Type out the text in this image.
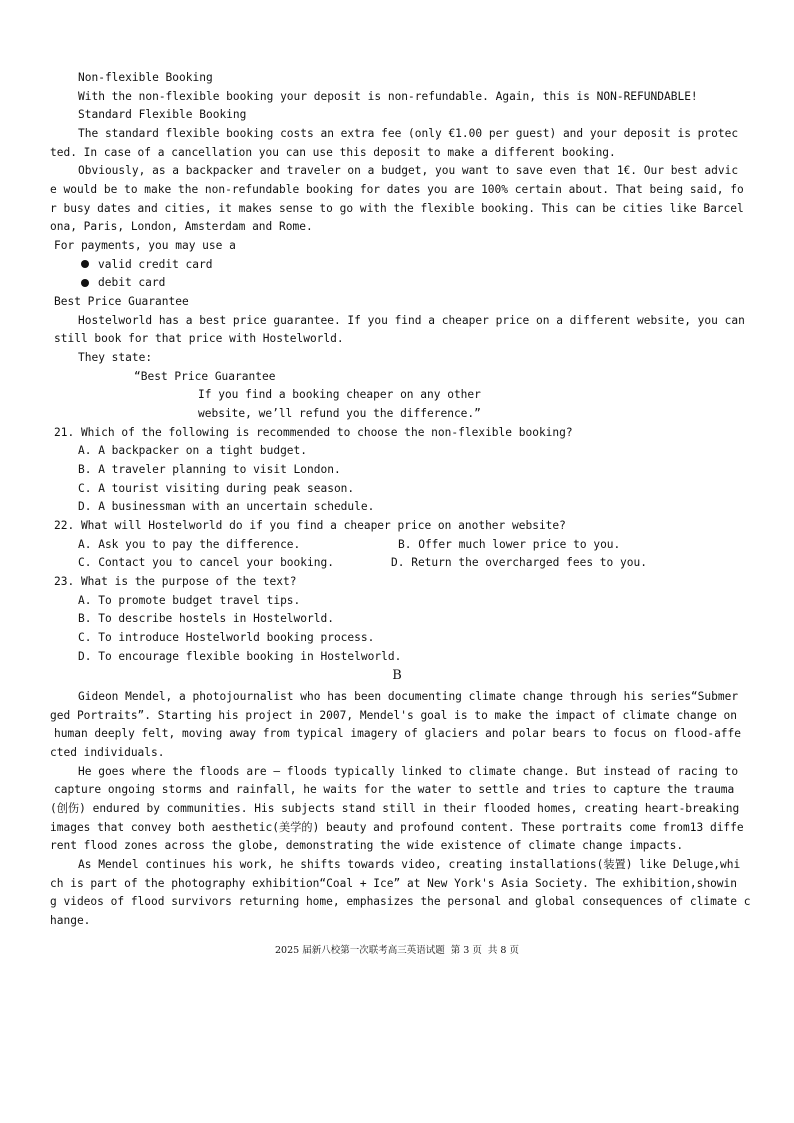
Non-flexible Booking
With the non-flexible booking your deposit is non-refundable. Again, this is NON-REFUNDABLE!
Standard Flexible Booking
The standard flexible booking costs an extra fee (only €1.00 per guest) and your deposit is protec
ted. In case of a cancellation you can use this deposit to make a different booking.
Obviously, as a backpacker and traveler on a budget, you want to save even that 1€. Our best advic
e would be to make the non-refundable booking for dates you are 100% certain about. That being said, fo
r busy dates and cities, it makes sense to go with the flexible booking. This can be cities like Barcel
ona, Paris, London, Amsterdam and Rome.
For payments, you may use a
valid credit card
debit card
Best Price Guarantee
Hostelworld has a best price guarantee. If you find a cheaper price on a different website, you can
still book for that price with Hostelworld.
They state:
“Best Price Guarantee
If you find a booking cheaper on any other
website, we’ll refund you the difference.”
21. Which of the following is recommended to choose the non-flexible booking?
A. A backpacker on a tight budget.
B. A traveler planning to visit London.
C. A tourist visiting during peak season.
D. A businessman with an uncertain schedule.
22. What will Hostelworld do if you find a cheaper price on another website?
A. Ask you to pay the difference.	B. Offer much lower price to you.
C. Contact you to cancel your booking.	D. Return the overcharged fees to you.
23. What is the purpose of the text?
A. To promote budget travel tips.
B. To describe hostels in Hostelworld.
C. To introduce Hostelworld booking process.
D. To encourage flexible booking in Hostelworld.
B
Gideon Mendel, a photojournalist who has been documenting climate change through his series“Submer
ged Portraits”. Starting his project in 2007, Mendel's goal is to make the impact of climate change on
human deeply felt, moving away from typical imagery of glaciers and polar bears to focus on flood-affe
cted individuals.
He goes where the floods are — floods typically linked to climate change. But instead of racing to
capture ongoing storms and rainfall, he waits for the water to settle and tries to capture the trauma
(创伤) endured by communities. His subjects stand still in their flooded homes, creating heart-breaking
images that convey both aesthetic(美学的) beauty and profound content. These portraits come from13 diffe
rent flood zones across the globe, demonstrating the wide existence of climate change impacts.
As Mendel continues his work, he shifts towards video, creating installations(装置) like Deluge,whi
ch is part of the photography exhibition“Coal + Ice” at New York's Asia Society. The exhibition,showin
g videos of flood survivors returning home, emphasizes the personal and global consequences of climate c
hange.
2025 届新八校第一次联考高三英语试题  第 3 页  共 8 页
